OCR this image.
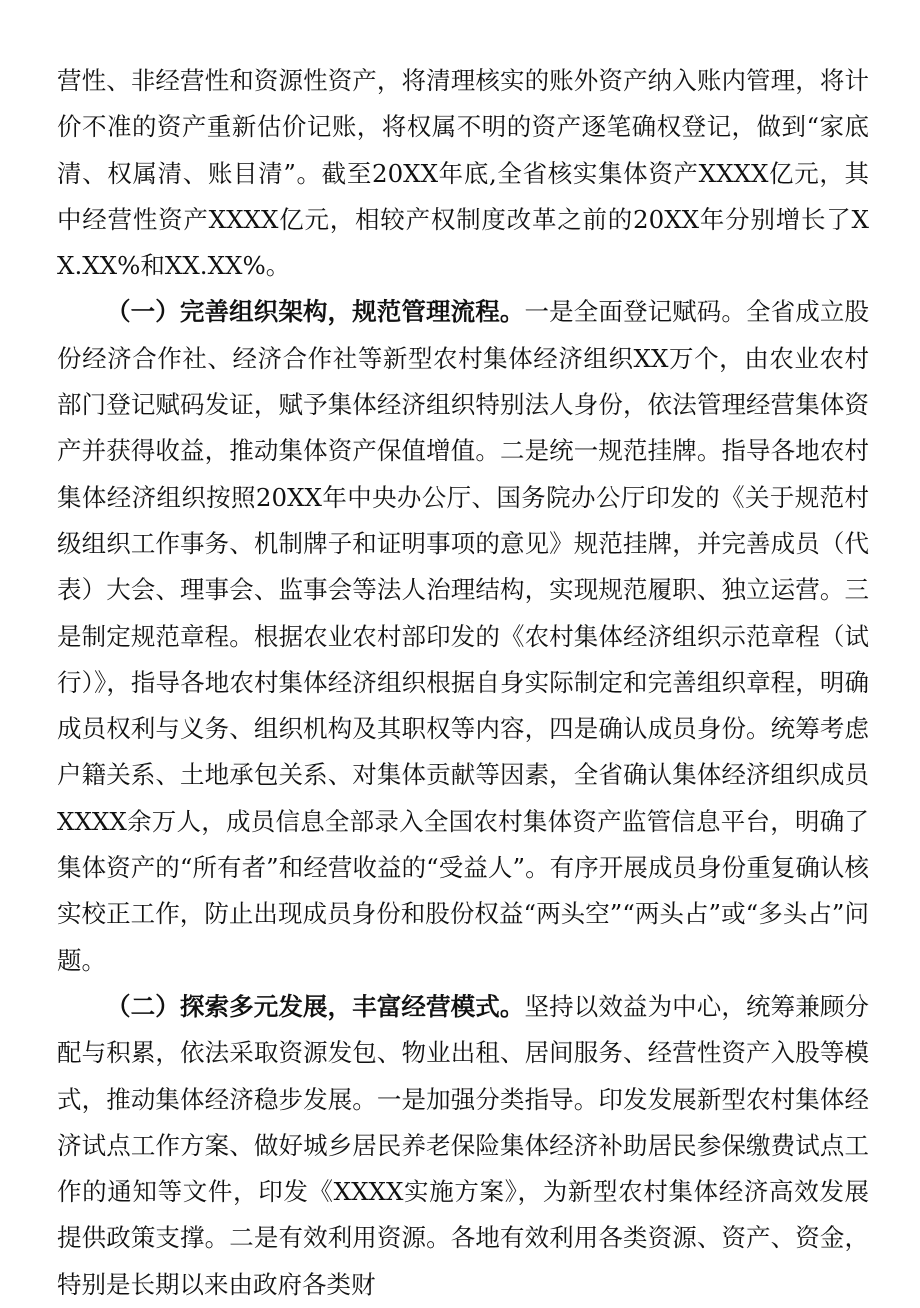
营性、非经营性和资源性资产，将清理核实的账外资产纳入账内管理，将计价不准的资产重新估价记账，将权属不明的资产逐笔确权登记，做到“家底清、权属清、账目清”。截至20XX年底,全省核实集体资产XXXX亿元，其中经营性资产XXXX亿元，相较产权制度改革之前的20XX年分别增长了XX.XX%和XX.XX%。

（一）完善组织架构，规范管理流程。一是全面登记赋码。全省成立股份经济合作社、经济合作社等新型农村集体经济组织XX万个，由农业农村部门登记赋码发证，赋予集体经济组织特别法人身份，依法管理经营集体资产并获得收益，推动集体资产保值增值。二是统一规范挂牌。指导各地农村集体经济组织按照20XX年中央办公厅、国务院办公厅印发的《关于规范村级组织工作事务、机制牌子和证明事项的意见》规范挂牌，并完善成员（代表）大会、理事会、监事会等法人治理结构，实现规范履职、独立运营。三是制定规范章程。根据农业农村部印发的《农村集体经济组织示范章程（试行）》，指导各地农村集体经济组织根据自身实际制定和完善组织章程，明确成员权利与义务、组织机构及其职权等内容，四是确认成员身份。统筹考虑户籍关系、土地承包关系、对集体贡献等因素，全省确认集体经济组织成员XXXX余万人，成员信息全部录入全国农村集体资产监管信息平台，明确了集体资产的“所有者”和经营收益的“受益人”。有序开展成员身份重复确认核实校正工作，防止出现成员身份和股份权益“两头空”“两头占”或“多头占”问题。

（二）探索多元发展，丰富经营模式。坚持以效益为中心，统筹兼顾分配与积累，依法采取资源发包、物业出租、居间服务、经营性资产入股等模式，推动集体经济稳步发展。一是加强分类指导。印发发展新型农村集体经济试点工作方案、做好城乡居民养老保险集体经济补助居民参保缴费试点工作的通知等文件，印发《XXXX实施方案》，为新型农村集体经济高效发展提供政策支撑。二是有效利用资源。各地有效利用各类资源、资产、资金，特别是长期以来由政府各类财
